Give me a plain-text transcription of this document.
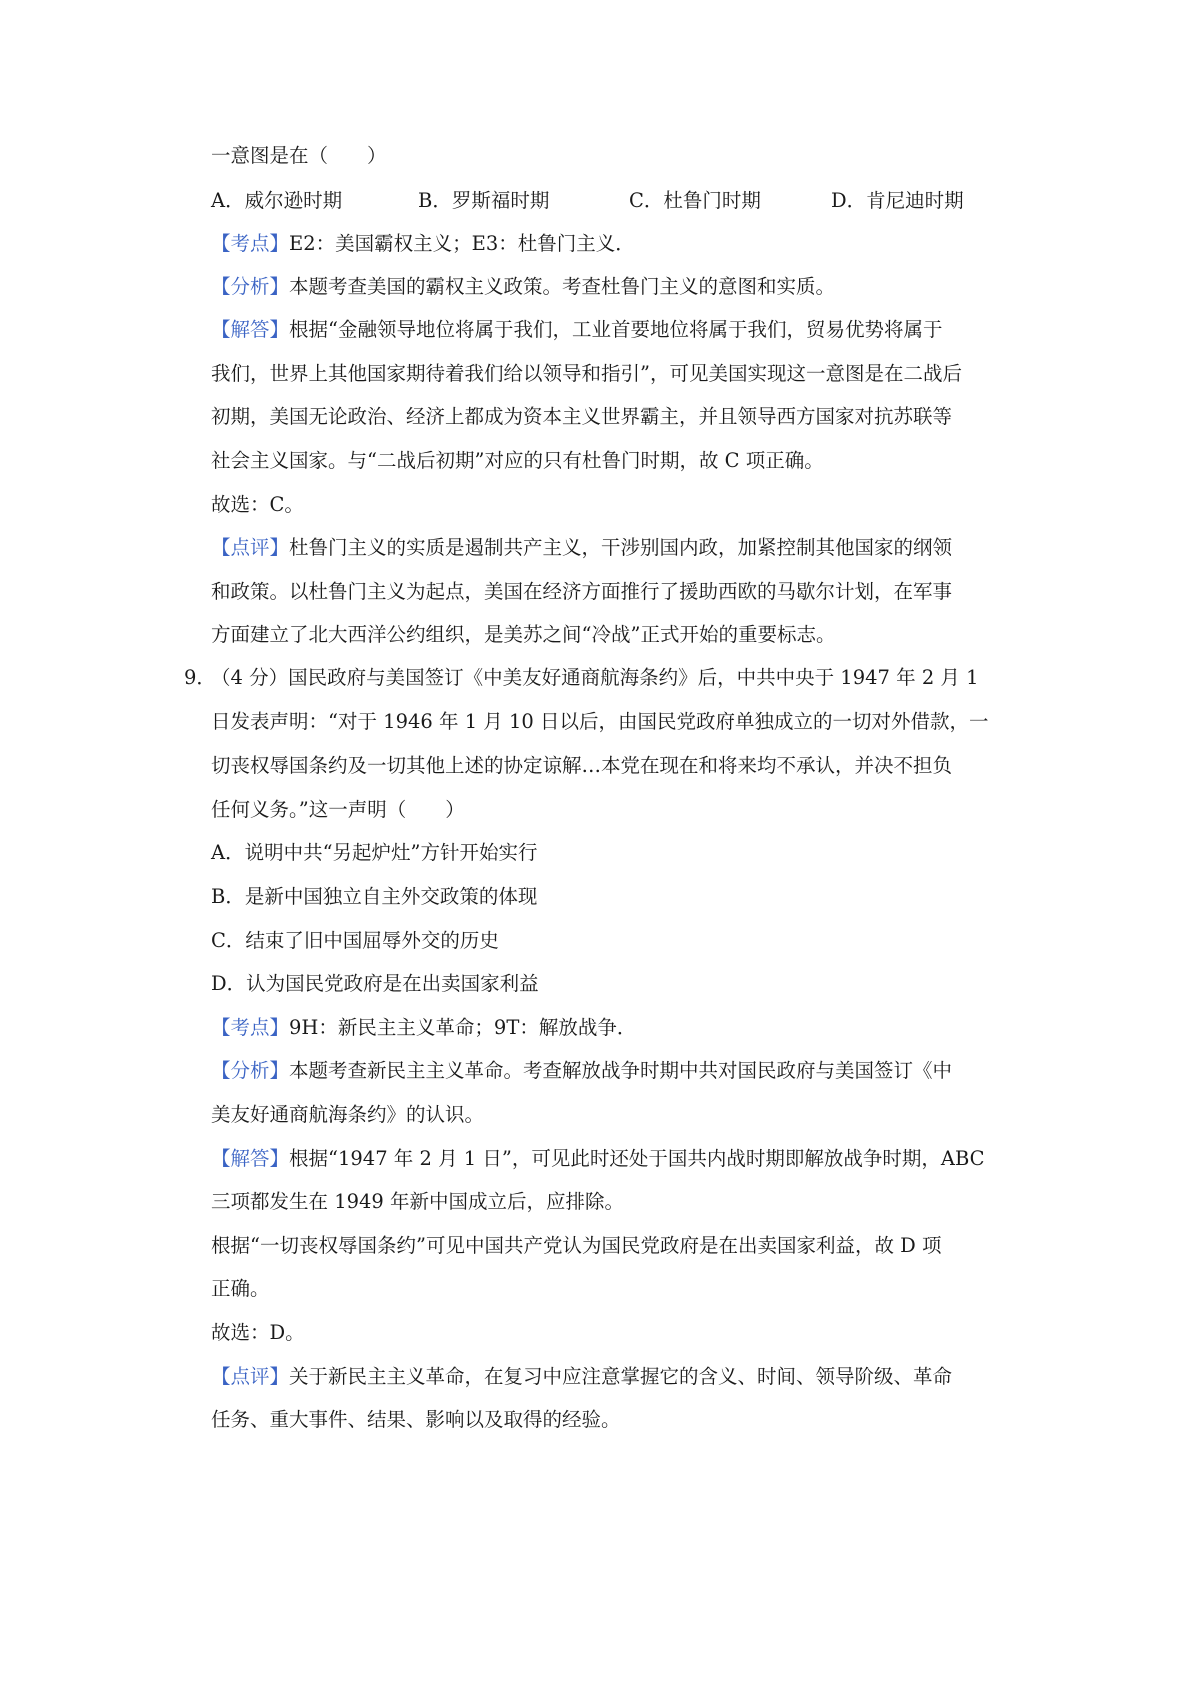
一意图是在（　　）
A．威尔逊时期	B．罗斯福时期	C．杜鲁门时期	D．肯尼迪时期
【考点】E2：美国霸权主义；E3：杜鲁门主义．
【分析】本题考查美国的霸权主义政策。考查杜鲁门主义的意图和实质。
【解答】根据“金融领导地位将属于我们，工业首要地位将属于我们，贸易优势将属于
我们，世界上其他国家期待着我们给以领导和指引”，可见美国实现这一意图是在二战后
初期，美国无论政治、经济上都成为资本主义世界霸主，并且领导西方国家对抗苏联等
社会主义国家。与“二战后初期”对应的只有杜鲁门时期，故 C 项正确。
故选：C。
【点评】杜鲁门主义的实质是遏制共产主义，干涉别国内政，加紧控制其他国家的纲领
和政策。以杜鲁门主义为起点，美国在经济方面推行了援助西欧的马歇尔计划，在军事
方面建立了北大西洋公约组织，是美苏之间“冷战”正式开始的重要标志。
9．
（4 分）国民政府与美国签订《中美友好通商航海条约》后，中共中央于 1947 年 2 月 1
日发表声明：“对于 1946 年 1 月 10 日以后，由国民党政府单独成立的一切对外借款，一
切丧权辱国条约及一切其他上述的协定谅解…本党在现在和将来均不承认，并决不担负
任何义务。”这一声明（　　）
A．说明中共“另起炉灶”方针开始实行
B．是新中国独立自主外交政策的体现
C．结束了旧中国屈辱外交的历史
D．认为国民党政府是在出卖国家利益
【考点】9H：新民主主义革命；9T：解放战争．
【分析】本题考查新民主主义革命。考查解放战争时期中共对国民政府与美国签订《中
美友好通商航海条约》的认识。
【解答】根据“1947 年 2 月 1 日”，可见此时还处于国共内战时期即解放战争时期，ABC
三项都发生在 1949 年新中国成立后，应排除。
根据“一切丧权辱国条约”可见中国共产党认为国民党政府是在出卖国家利益，故 D 项
正确。
故选：D。
【点评】关于新民主主义革命，在复习中应注意掌握它的含义、时间、领导阶级、革命
任务、重大事件、结果、影响以及取得的经验。
